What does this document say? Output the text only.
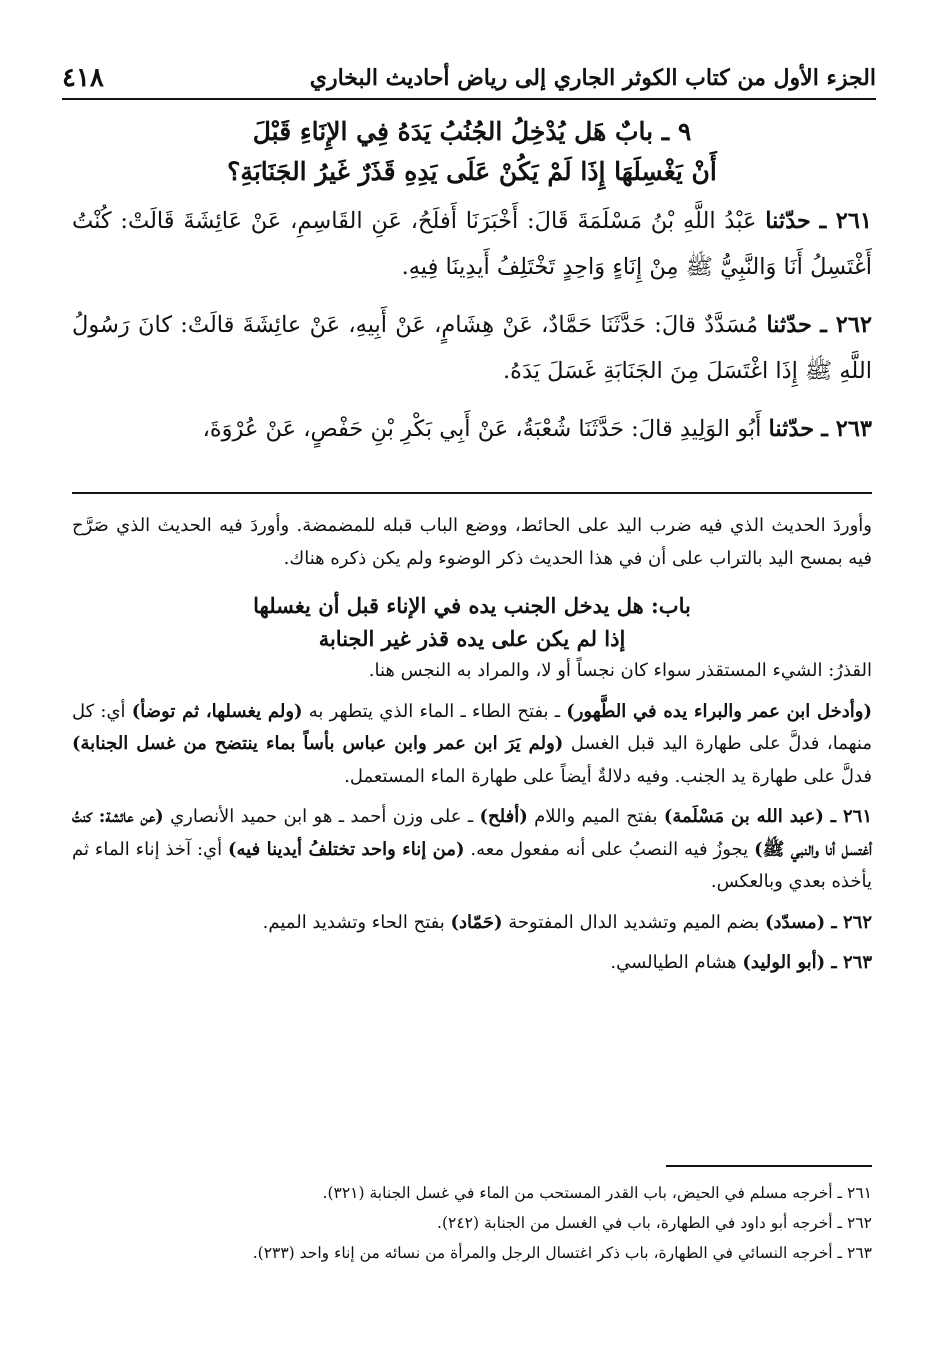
الجزء الأول من كتاب الكوثر الجاري إلى رياض أحاديث البخاري
٤١٨

٩ ـ بابٌ هَل يُدْخِلُ الجُنُبُ يَدَهُ فِي الإِنَاءِ قَبْلَ

أَنْ يَغْسِلَهَا إِذَا لَمْ يَكُنْ عَلَى يَدِهِ قَذَرٌ غَيرُ الجَنَابَةِ؟

٢٦١ ـ حدّثنا عَبْدُ اللَّهِ بْنُ مَسْلَمَةَ قَالَ: أَخْبَرَنَا أَفلَحُ، عَنِ القَاسِمِ، عَنْ عَائِشَةَ قَالَتْ: كُنْتُ أَغْتَسِلُ أَنَا وَالنَّبِيُّ ﷺ مِنْ إِنَاءٍ وَاحِدٍ تَخْتَلِفُ أَيدِينَا فِيهِ.

٢٦٢ ـ حدّثنا مُسَدَّدٌ قالَ: حَدَّثَنَا حَمَّادٌ، عَنْ هِشَامٍ، عَنْ أَبِيهِ، عَنْ عائِشَةَ قالَتْ: كانَ رَسُولُ اللَّهِ ﷺ إِذَا اغْتَسَلَ مِنَ الجَنَابَةِ غَسَلَ يَدَهُ.

٢٦٣ ـ حدّثنا أَبُو الوَلِيدِ قالَ: حَدَّثَنَا شُعْبَةُ، عَنْ أَبِي بَكْرِ بْنِ حَفْصٍ، عَنْ عُرْوَةَ،

وأوردَ الحديث الذي فيه ضرب اليد على الحائط، ووضع الباب قبله للمضمضة. وأوردَ فيه الحديث الذي صَرَّح فيه بمسح اليد بالتراب على أن في هذا الحديث ذكر الوضوء ولم يكن ذكره هناك.

باب: هل يدخل الجنب يده في الإناء قبل أن يغسلها

إذا لم يكن على يده قذر غير الجنابة

القذرُ: الشيء المستقذر سواء كان نجساً أو لا، والمراد به النجس هنا.

(وأدخل ابن عمر والبراء يده في الطَّهور) ـ بفتح الطاء ـ الماء الذي يتطهر به (ولم يغسلها، ثم توضأ) أي: كل منهما، فدلَّ على طهارة اليد قبل الغسل (ولم يَرَ ابن عمر وابن عباس بأساً بماء ينتضح من غسل الجنابة) فدلَّ على طهارة يد الجنب. وفيه دلالةٌ أيضاً على طهارة الماء المستعمل.

٢٦١ ـ (عبد الله بن مَسْلَمة) بفتح الميم واللام (أفلح) ـ على وزن أحمد ـ هو ابن حميد الأنصاري (عن عائشة: كنتُ أغتسل أنا والنبي ﷺ) يجوزُ فيه النصبُ على أنه مفعول معه. (من إناء واحد تختلفُ أيدينا فيه) أي: آخذ إناء الماء ثم يأخذه بعدي وبالعكس.

٢٦٢ ـ (مسدّد) بضم الميم وتشديد الدال المفتوحة (حَمّاد) بفتح الحاء وتشديد الميم.

٢٦٣ ـ (أبو الوليد) هشام الطيالسي.

٢٦١ ـ أخرجه مسلم في الحيض، باب القدر المستحب من الماء في غسل الجنابة (٣٢١).

٢٦٢ ـ أخرجه أبو داود في الطهارة، باب في الغسل من الجنابة (٢٤٢).

٢٦٣ ـ أخرجه النسائي في الطهارة، باب ذكر اغتسال الرجل والمرأة من نسائه من إناء واحد (٢٣٣).
